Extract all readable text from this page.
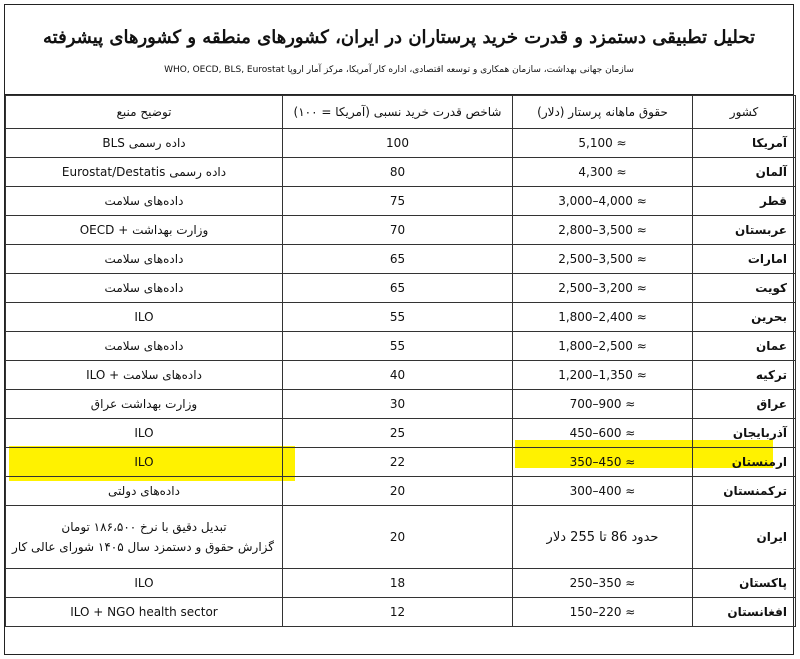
تحلیل تطبیقی دستمزد و قدرت خرید پرستاران در ایران، کشورهای منطقه و کشورهای پیشرفته
سازمان جهانی بهداشت، سازمان همکاری و توسعه اقتصادی، اداره کار آمریکا، مرکز آمار اروپا WHO, OECD, BLS, Eurostat
کشور	حقوق ماهانه پرستار (دلار)	شاخص قدرت خرید نسبی (آمریکا = ۱۰۰)	توضیح منبع
آمریکا	5,100 ≈	100	داده رسمی BLS
آلمان	4,300 ≈	80	داده رسمی Eurostat/Destatis
قطر	3,000–4,000 ≈	75	داده‌های سلامت
عربستان	2,800–3,500 ≈	70	وزارت بهداشت + OECD
امارات	2,500–3,500 ≈	65	داده‌های سلامت
کویت	2,500–3,200 ≈	65	داده‌های سلامت
بحرین	1,800–2,400 ≈	55	ILO
عمان	1,800–2,500 ≈	55	داده‌های سلامت
ترکیه	1,200–1,350 ≈	40	داده‌های سلامت + ILO
عراق	700–900 ≈	30	وزارت بهداشت عراق
آذربایجان	450–600 ≈	25	ILO
ارمنستان	350–450 ≈	22	ILO
ترکمنستان	300–400 ≈	20	داده‌های دولتی
ایران	حدود 86 تا 255 دلار	20	تبدیل دقیق با نرخ ۱۸۶،۵۰۰ تومان
گزارش حقوق و دستمزد سال ۱۴۰۵ شورای عالی کار

پاکستان	250–350 ≈	18	ILO
افغانستان	150–220 ≈	12	ILO + NGO health sector
